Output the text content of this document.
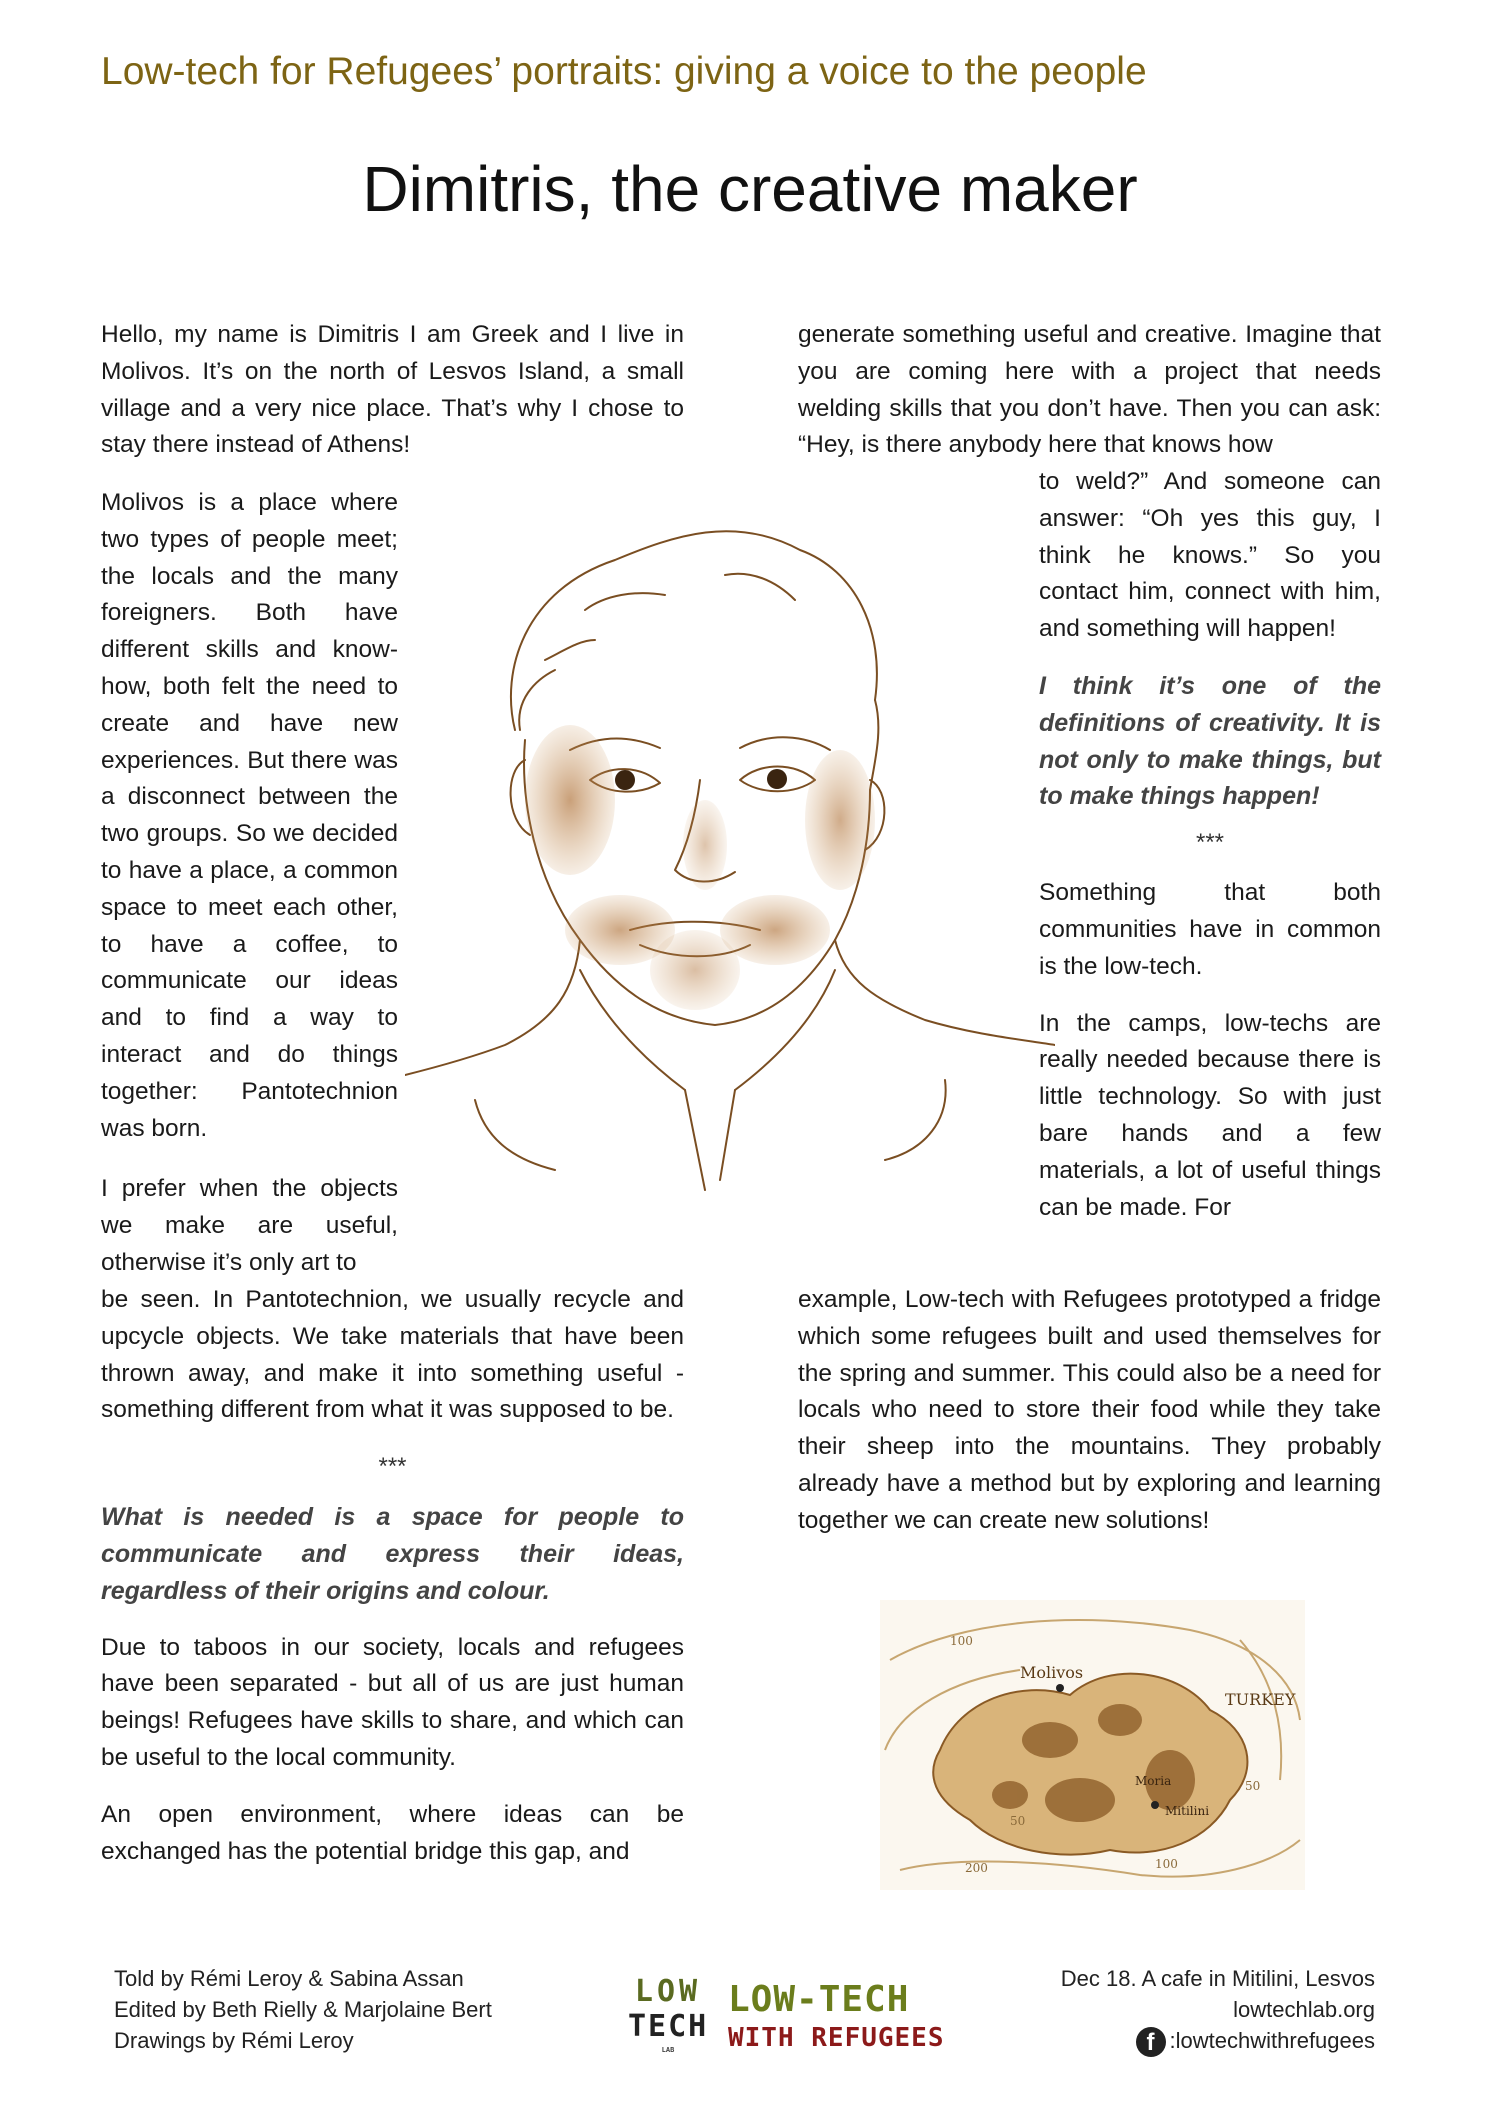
Low-tech for Refugees’ portraits: giving a voice to the people
Dimitris, the creative maker

Hello, my name is Dimitris I am Greek and I live in Molivos. It’s on the north of Lesvos Island, a small village and a very nice place. That’s why I chose to stay there instead of Athens!

Molivos is a place where two types of people meet; the locals and the many foreigners. Both have different skills and know-how, both felt the need to create and have new experiences. But there was a disconnect between the two groups. So we decided to have a place, a common space to meet each other, to have a coffee, to communicate our ideas and to find a way to interact and do things together: Pantotechnion was born.

I prefer when the objects we make are useful, otherwise it’s only art to

be seen. In Pantotechnion, we usually recycle and upcycle objects. We take materials that have been thrown away, and make it into something useful - something different from what it was supposed to be.

***

What is needed is a space for people to communicate and express their ideas, regardless of their origins and colour.

Due to taboos in our society, locals and refugees have been separated - but all of us are just human beings! Refugees have skills to share, and which can be useful to the local community.

An open environment, where ideas can be exchanged has the potential bridge this gap, and

generate something useful and creative. Imagine that you are coming here with a project that needs welding skills that you don’t have. Then you can ask: “Hey, is there anybody here that knows how

to weld?” And someone can answer: “Oh yes this guy, I think he knows.” So you contact him, connect with him, and something will happen!

I think it’s one of the definitions of creativity. It is not only to make things, but to make things happen!

***

Something that both communities have in common is the low-tech.

In the camps, low-techs are really needed because there is little technology. So with just bare hands and a few materials, a lot of useful things can be made. For

example, Low-tech with Refugees prototyped a fridge which some refugees built and used themselves for the spring and summer. This could also be a need for locals who need to store their food while they take their sheep into the mountains. They probably already have a method but by exploring and learning together we can create new solutions!

Molivos
TURKEY
Moria
Mitilini
100
50
200	100
50
Told by Rémi Leroy & Sabina Assan
Edited by Beth Rielly & Marjolaine Bert
Drawings by Rémi Leroy
LOW
TECH
LAB
LOW-TECH
WITH REFUGEES
Dec 18. A cafe in Mitilini, Lesvos
lowtechlab.org
f :lowtechwithrefugees
